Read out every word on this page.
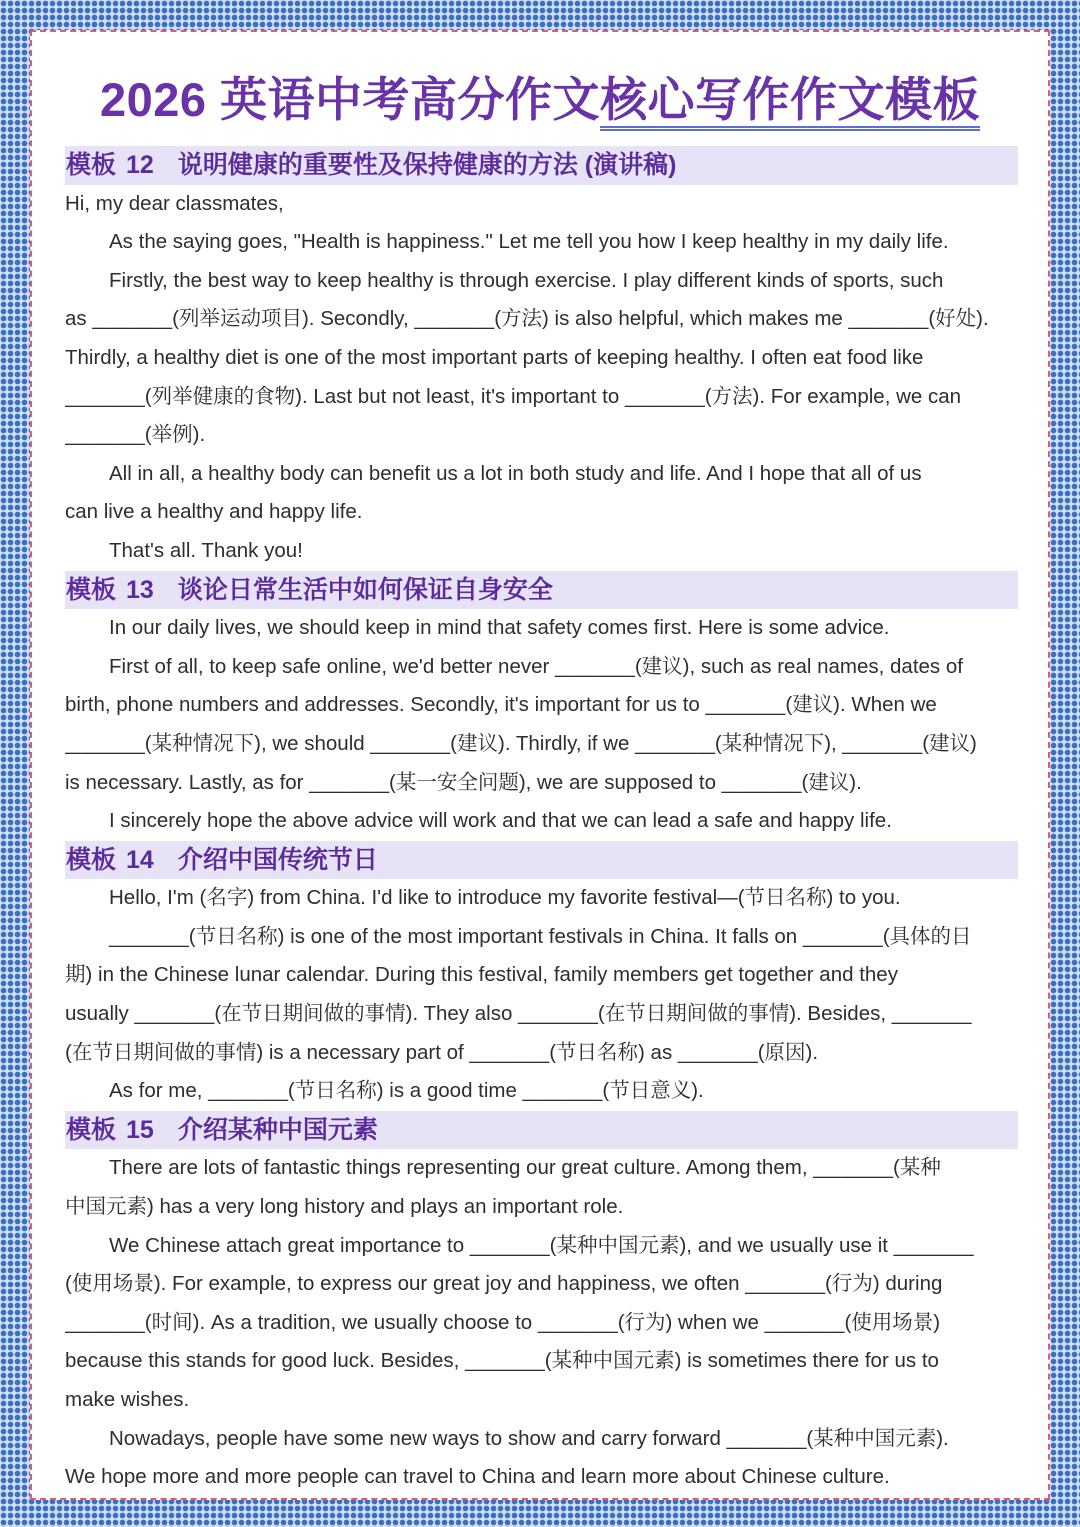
2026 英语中考高分作文核心写作作文模板
模板 12 说明健康的重要性及保持健康的方法 (演讲稿)
Hi, my dear classmates,
As the saying goes, "Health is happiness." Let me tell you how I keep healthy in my daily life.
Firstly, the best way to keep healthy is through exercise. I play different kinds of sports, such
as _______(列举运动项目). Secondly, _______(方法) is also helpful, which makes me _______(好处).
Thirdly, a healthy diet is one of the most important parts of keeping healthy. I often eat food like
_______(列举健康的食物). Last but not least, it's important to _______(方法). For example, we can
_______(举例).
All in all, a healthy body can benefit us a lot in both study and life. And I hope that all of us
can live a healthy and happy life.
That's all. Thank you!
模板 13 谈论日常生活中如何保证自身安全
In our daily lives, we should keep in mind that safety comes first. Here is some advice.
First of all, to keep safe online, we'd better never _______(建议), such as real names, dates of
birth, phone numbers and addresses. Secondly, it's important for us to _______(建议). When we
_______(某种情况下), we should _______(建议). Thirdly, if we _______(某种情况下), _______(建议)
is necessary. Lastly, as for _______(某一安全问题), we are supposed to _______(建议).
I sincerely hope the above advice will work and that we can lead a safe and happy life.
模板 14 介绍中国传统节日
Hello, I'm (名字) from China. I'd like to introduce my favorite festival—(节日名称) to you.
_______(节日名称) is one of the most important festivals in China. It falls on _______(具体的日
期) in the Chinese lunar calendar. During this festival, family members get together and they
usually _______(在节日期间做的事情). They also _______(在节日期间做的事情). Besides, _______
(在节日期间做的事情) is a necessary part of _______(节日名称) as _______(原因).
As for me, _______(节日名称) is a good time _______(节日意义).
模板 15 介绍某种中国元素
There are lots of fantastic things representing our great culture. Among them, _______(某种
中国元素) has a very long history and plays an important role.
We Chinese attach great importance to _______(某种中国元素), and we usually use it _______
(使用场景). For example, to express our great joy and happiness, we often _______(行为) during
_______(时间). As a tradition, we usually choose to _______(行为) when we _______(使用场景)
because this stands for good luck. Besides, _______(某种中国元素) is sometimes there for us to
make wishes.
Nowadays, people have some new ways to show and carry forward _______(某种中国元素).
We hope more and more people can travel to China and learn more about Chinese culture.
